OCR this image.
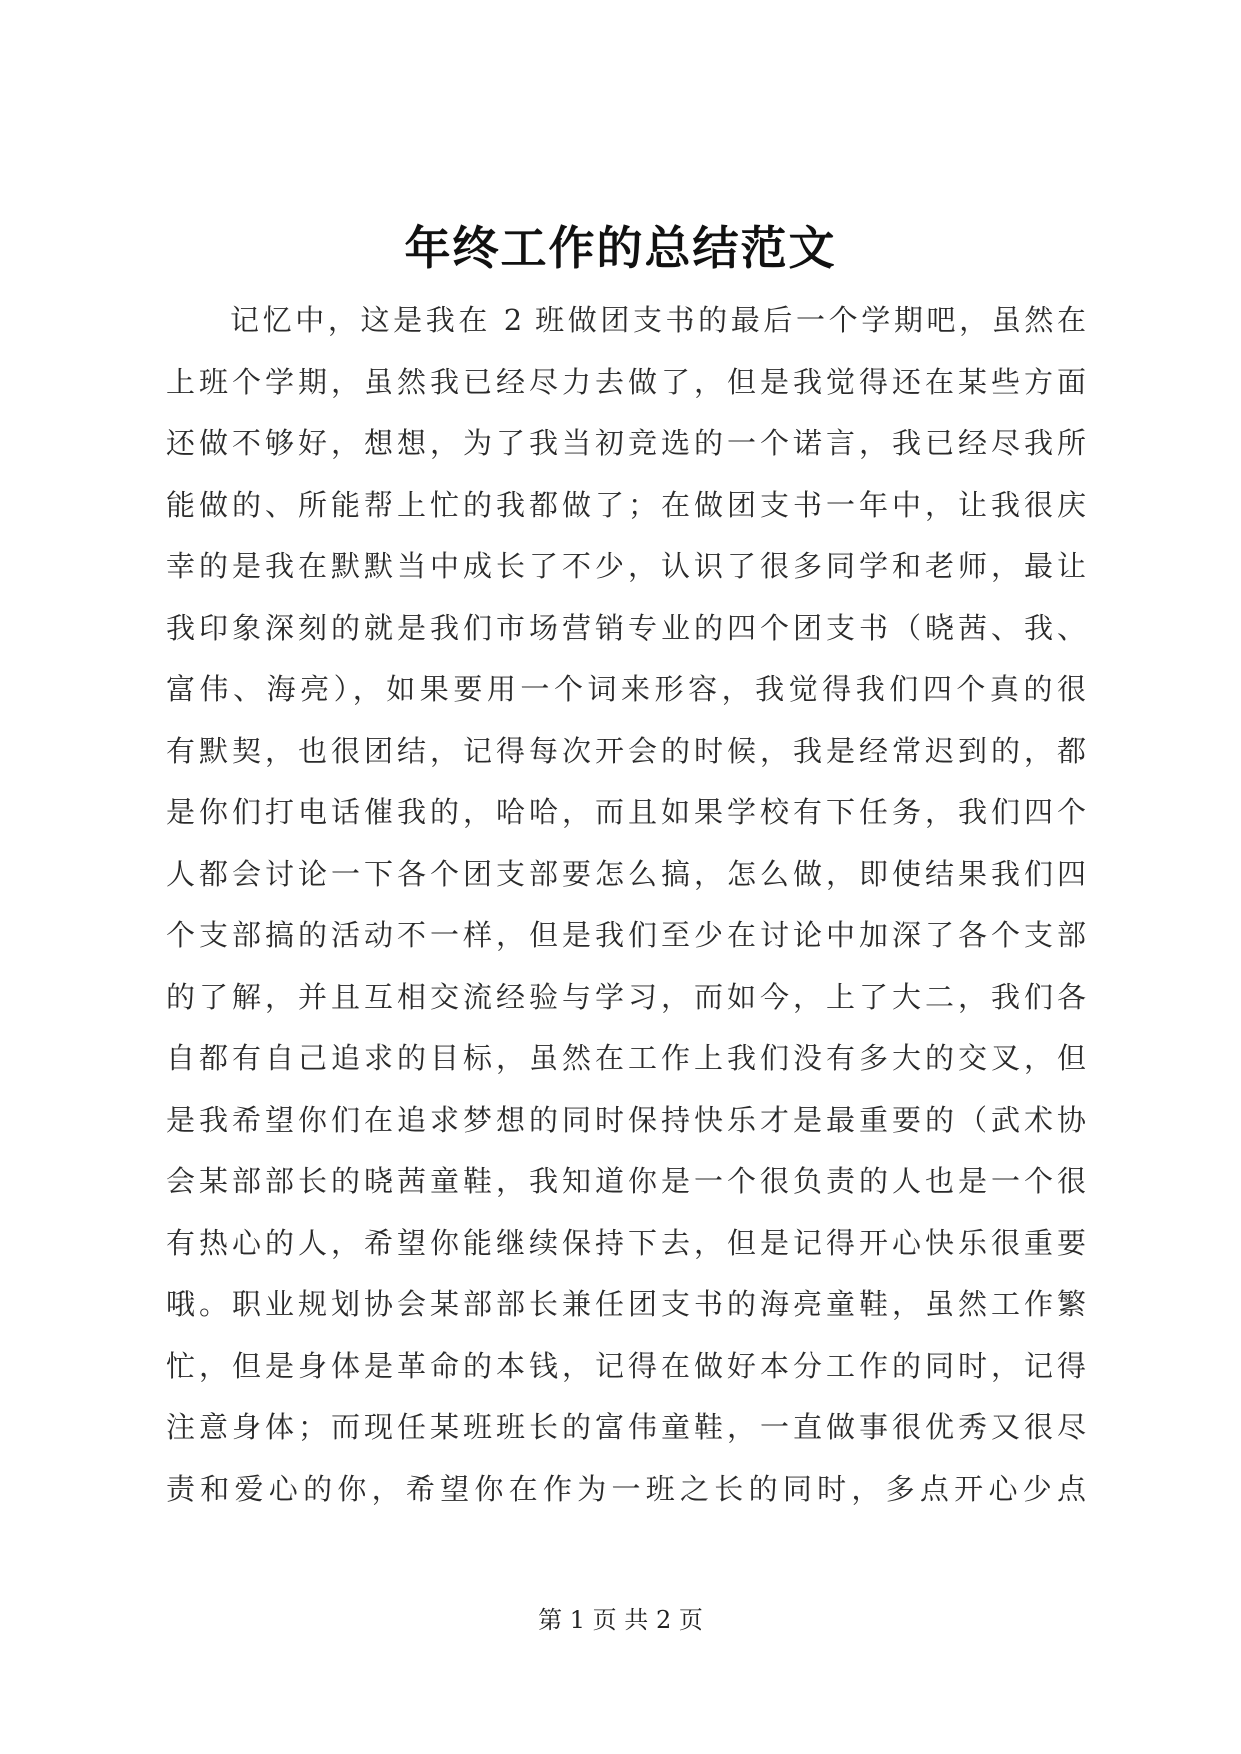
年终工作的总结范文
记忆中，这是我在 2 班做团支书的最后一个学期吧，虽然在
上班个学期，虽然我已经尽力去做了，但是我觉得还在某些方面
还做不够好，想想，为了我当初竞选的一个诺言，我已经尽我所
能做的、所能帮上忙的我都做了；在做团支书一年中，让我很庆
幸的是我在默默当中成长了不少，认识了很多同学和老师，最让
我印象深刻的就是我们市场营销专业的四个团支书（晓茜、我、
富伟、海亮），如果要用一个词来形容，我觉得我们四个真的很
有默契，也很团结，记得每次开会的时候，我是经常迟到的，都
是你们打电话催我的，哈哈，而且如果学校有下任务，我们四个
人都会讨论一下各个团支部要怎么搞，怎么做，即使结果我们四
个支部搞的活动不一样，但是我们至少在讨论中加深了各个支部
的了解，并且互相交流经验与学习，而如今，上了大二，我们各
自都有自己追求的目标，虽然在工作上我们没有多大的交叉，但
是我希望你们在追求梦想的同时保持快乐才是最重要的（武术协
会某部部长的晓茜童鞋，我知道你是一个很负责的人也是一个很
有热心的人，希望你能继续保持下去，但是记得开心快乐很重要
哦。职业规划协会某部部长兼任团支书的海亮童鞋，虽然工作繁
忙，但是身体是革命的本钱，记得在做好本分工作的同时，记得
注意身体；而现任某班班长的富伟童鞋，一直做事很优秀又很尽
责和爱心的你，希望你在作为一班之长的同时，多点开心少点
第 1 页 共 2 页
